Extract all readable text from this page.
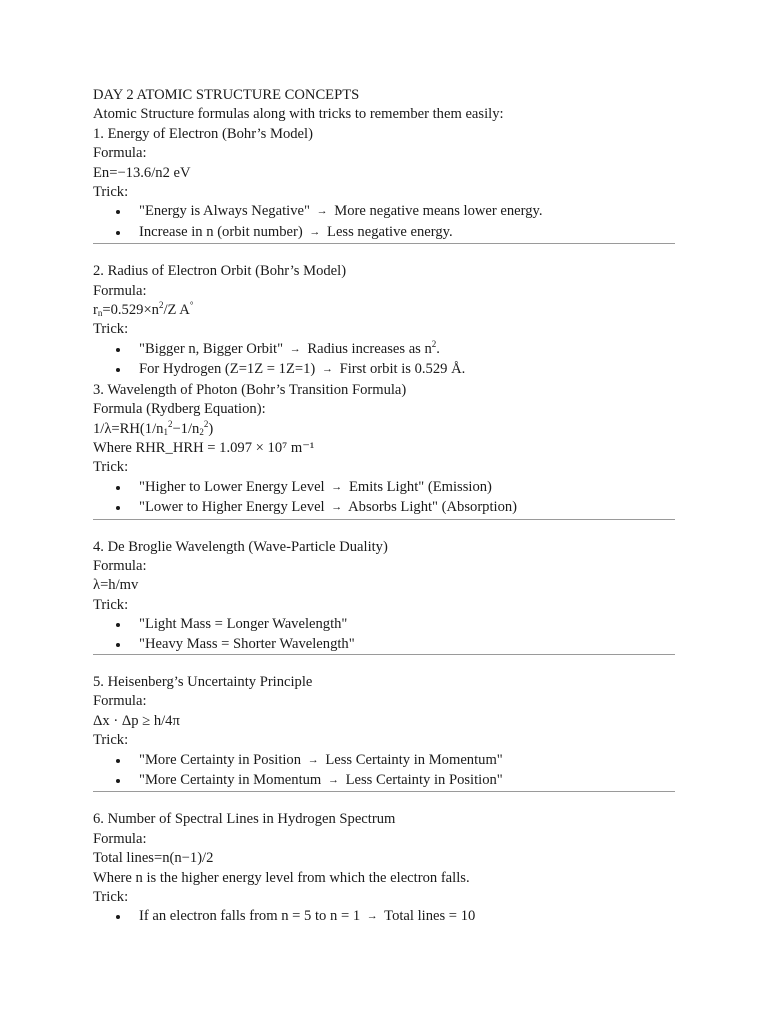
DAY 2 ATOMIC STRUCTURE CONCEPTS
Atomic Structure formulas along with tricks to remember them easily:
1. Energy of Electron (Bohr’s Model)
Formula:
En=−13.6/n2 eV
Trick:
"Energy is Always Negative" → More negative means lower energy.
Increase in n (orbit number) → Less negative energy.
2. Radius of Electron Orbit (Bohr’s Model)
Formula:
$r_n=0.529\times n^2/Z$ A°
Trick:
"Bigger n, Bigger Orbit" → Radius increases as $n^2$.
For Hydrogen (Z=1Z = 1Z=1) → First orbit is 0.529 Å.
3. Wavelength of Photon (Bohr’s Transition Formula)
Formula (Rydberg Equation):
$1/\lambda=RH(1/n_1^2-1/n_2^2)$
Where RHR_HRH = 1.097 × 10⁷ m⁻¹
Trick:
"Higher to Lower Energy Level → Emits Light" (Emission)
"Lower to Higher Energy Level → Absorbs Light" (Absorption)
4. De Broglie Wavelength (Wave-Particle Duality)
Formula:
λ=h/mv
Trick:
"Light Mass = Longer Wavelength"
"Heavy Mass = Shorter Wavelength"
5. Heisenberg’s Uncertainty Principle
Formula:
Δx · Δp ≥ h/4π
Trick:
"More Certainty in Position → Less Certainty in Momentum"
"More Certainty in Momentum → Less Certainty in Position"
6. Number of Spectral Lines in Hydrogen Spectrum
Formula:
Total lines=n(n−1)/2
Where n is the higher energy level from which the electron falls.
Trick:
If an electron falls from n = 5 to n = 1 → Total lines = 10
